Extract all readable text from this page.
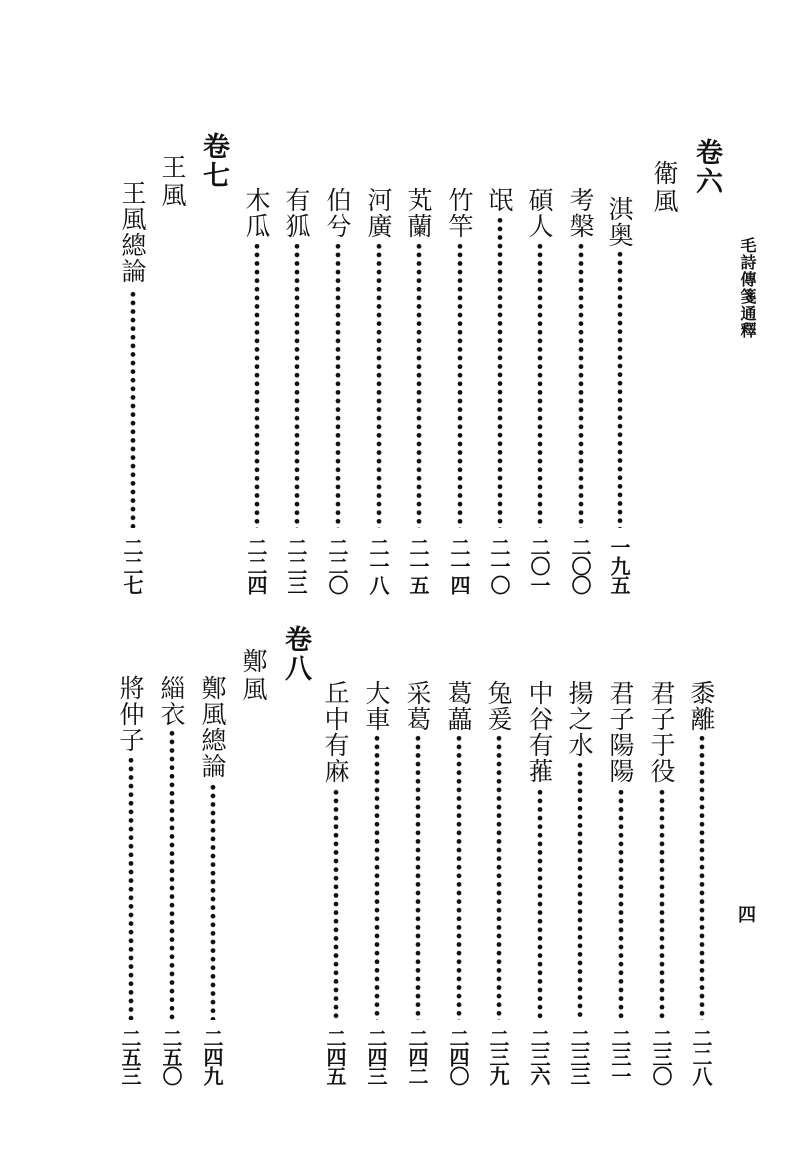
毛詩傳箋通釋
四
卷六
衛風
淇奥
一九五
考槃
二〇〇
碩人
二〇一
氓
二一〇
竹竿
二一四
芄蘭
二一五
河廣
二一八
伯兮
二二〇
有狐
二二三
木瓜
二二四
卷七
王風
王風總論
二二七
黍離
二二八
君子于役
二三〇
君子陽陽
二三一
揚之水
二三三
中谷有蓷
二三六
兔爰
二三九
葛藟
二四〇
采葛
二四二
大車
二四三
丘中有麻
二四五
卷八
鄭風
鄭風總論
二四九
緇衣
二五〇
將仲子
二五三
